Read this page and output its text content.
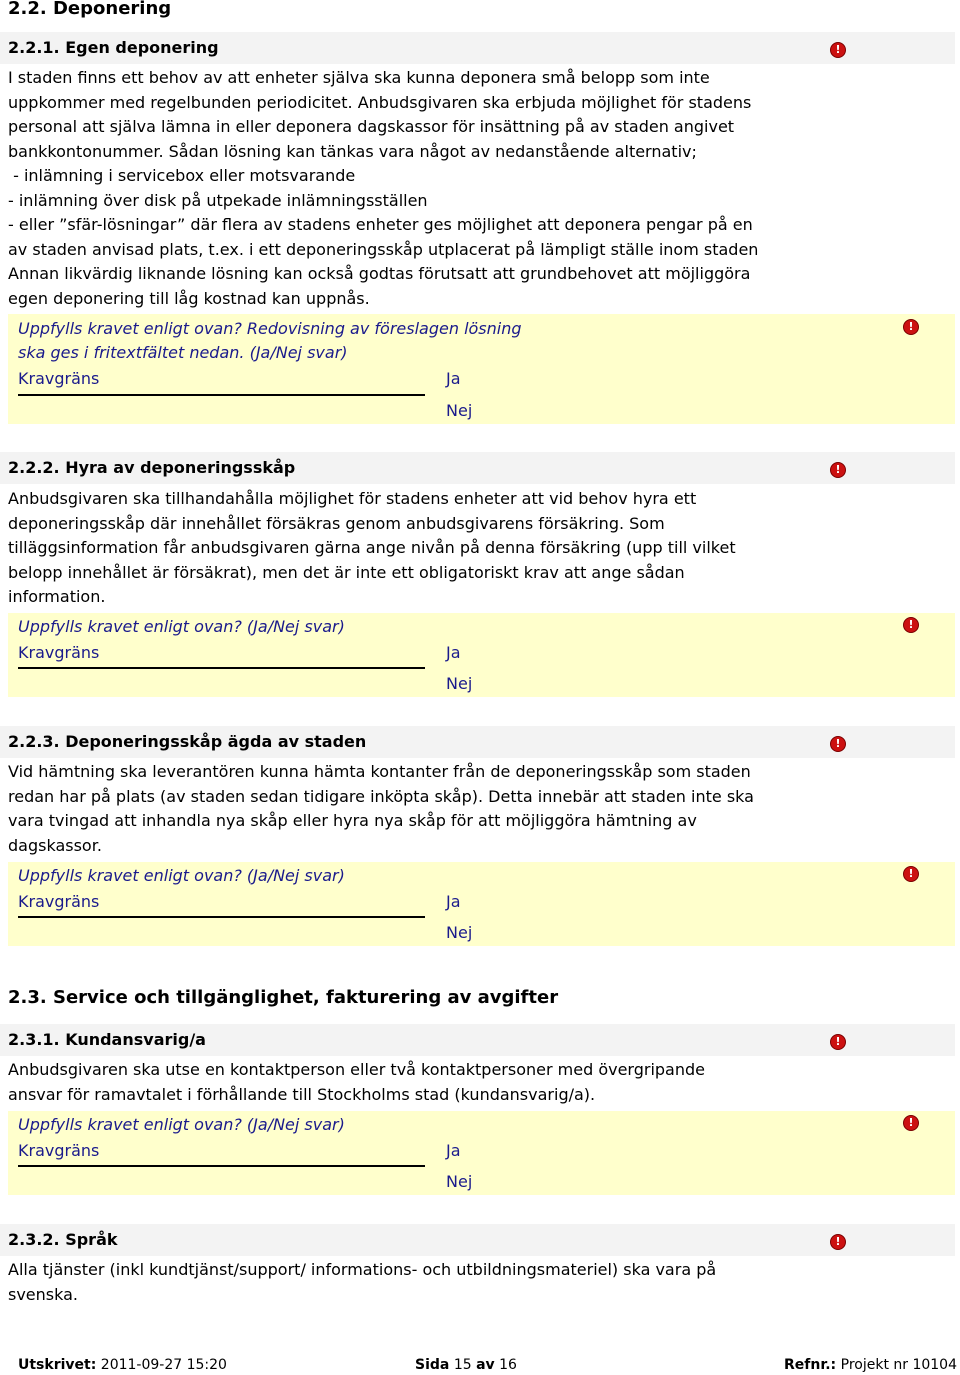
2.2. Deponering
2.2.1. Egen deponering	!
I staden finns ett behov av att enheter själva ska kunna deponera små belopp som inte
uppkommer med regelbunden periodicitet. Anbudsgivaren ska erbjuda möjlighet för stadens
personal att själva lämna in eller deponera dagskassor för insättning på av staden angivet
bankkontonummer. Sådan lösning kan tänkas vara något av nedanstående alternativ;
- inlämning i servicebox eller motsvarande
- inlämning över disk på utpekade inlämningsställen
- eller ”sfär-lösningar” där flera av stadens enheter ges möjlighet att deponera pengar på en
av staden anvisad plats, t.ex. i ett deponeringsskåp utplacerat på lämpligt ställe inom staden
Annan likvärdig liknande lösning kan också godtas förutsatt att grundbehovet att möjliggöra
egen deponering till låg kostnad kan uppnås.
Uppfylls kravet enligt ovan? Redovisning av föreslagen lösning
ska ges i fritextfältet nedan. (Ja/Nej svar)
Kravgräns	Ja
Nej
!
2.2.2. Hyra av deponeringsskåp	!
Anbudsgivaren ska tillhandahålla möjlighet för stadens enheter att vid behov hyra ett
deponeringsskåp där innehållet försäkras genom anbudsgivarens försäkring. Som
tilläggsinformation får anbudsgivaren gärna ange nivån på denna försäkring (upp till vilket
belopp innehållet är försäkrat), men det är inte ett obligatoriskt krav att ange sådan
information.
Uppfylls kravet enligt ovan? (Ja/Nej svar)
Kravgräns	Ja
Nej
!
2.2.3. Deponeringsskåp ägda av staden	!
Vid hämtning ska leverantören kunna hämta kontanter från de deponeringsskåp som staden
redan har på plats (av staden sedan tidigare inköpta skåp). Detta innebär att staden inte ska
vara tvingad att inhandla nya skåp eller hyra nya skåp för att möjliggöra hämtning av
dagskassor.
Uppfylls kravet enligt ovan? (Ja/Nej svar)
Kravgräns	Ja
Nej
!
2.3. Service och tillgänglighet, fakturering av avgifter
2.3.1. Kundansvarig/a	!
Anbudsgivaren ska utse en kontaktperson eller två kontaktpersoner med övergripande
ansvar för ramavtalet i förhållande till Stockholms stad (kundansvarig/a).
Uppfylls kravet enligt ovan? (Ja/Nej svar)
Kravgräns	Ja
Nej
!
2.3.2. Språk	!
Alla tjänster (inkl kundtjänst/support/ informations- och utbildningsmateriel) ska vara på
svenska.
Utskrivet: 2011-09-27 15:20	Sida 15 av 16	Refnr.: Projekt nr 10104
